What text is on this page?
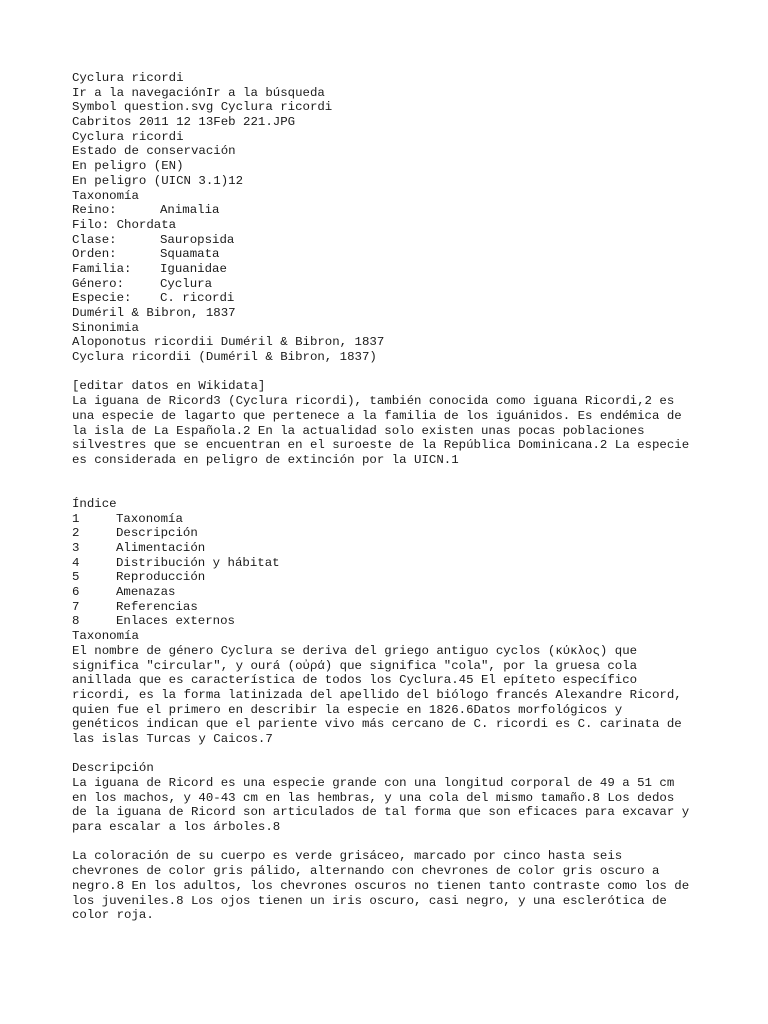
Cyclura ricordi
Ir a la navegaciónIr a la búsqueda
Symbol question.svg Cyclura ricordi
Cabritos 2011 12 13Feb 221.JPG
Cyclura ricordi
Estado de conservación
En peligro (EN)
En peligro (UICN 3.1)12
Taxonomía
Reino:	Animalia
Filo: Chordata
Clase:	Sauropsida
Orden:	Squamata
Familia:	Iguanidae
Género:	Cyclura
Especie:	C. ricordi
Duméril & Bibron, 1837
Sinonimia
Aloponotus ricordii Duméril & Bibron, 1837
Cyclura ricordii (Duméril & Bibron, 1837)
[editar datos en Wikidata]
La iguana de Ricord3 (Cyclura ricordi), también conocida como iguana Ricordi,2 es
una especie de lagarto que pertenece a la familia de los iguánidos. Es endémica de
la isla de La Española.2 En la actualidad solo existen unas pocas poblaciones
silvestres que se encuentran en el suroeste de la República Dominicana.2 La especie
es considerada en peligro de extinción por la UICN.1
Índice
1	Taxonomía
2	Descripción
3	Alimentación
4	Distribución y hábitat
5	Reproducción
6	Amenazas
7	Referencias
8	Enlaces externos
Taxonomía
El nombre de género Cyclura se deriva del griego antiguo cyclos (κύκλος) que
significa "circular", y ourá (οὐρά) que significa "cola", por la gruesa cola
anillada que es característica de todos los Cyclura.45 El epíteto específico
ricordi, es la forma latinizada del apellido del biólogo francés Alexandre Ricord,
quien fue el primero en describir la especie en 1826.6Datos morfológicos y
genéticos indican que el pariente vivo más cercano de C. ricordi es C. carinata de
las islas Turcas y Caicos.7
Descripción
La iguana de Ricord es una especie grande con una longitud corporal de 49 a 51 cm
en los machos, y 40-43 cm en las hembras, y una cola del mismo tamaño.8 Los dedos
de la iguana de Ricord son articulados de tal forma que son eficaces para excavar y
para escalar a los árboles.8
La coloración de su cuerpo es verde grisáceo, marcado por cinco hasta seis
chevrones de color gris pálido, alternando con chevrones de color gris oscuro a
negro.8 En los adultos, los chevrones oscuros no tienen tanto contraste como los de
los juveniles.8 Los ojos tienen un iris oscuro, casi negro, y una esclerótica de
color roja.
